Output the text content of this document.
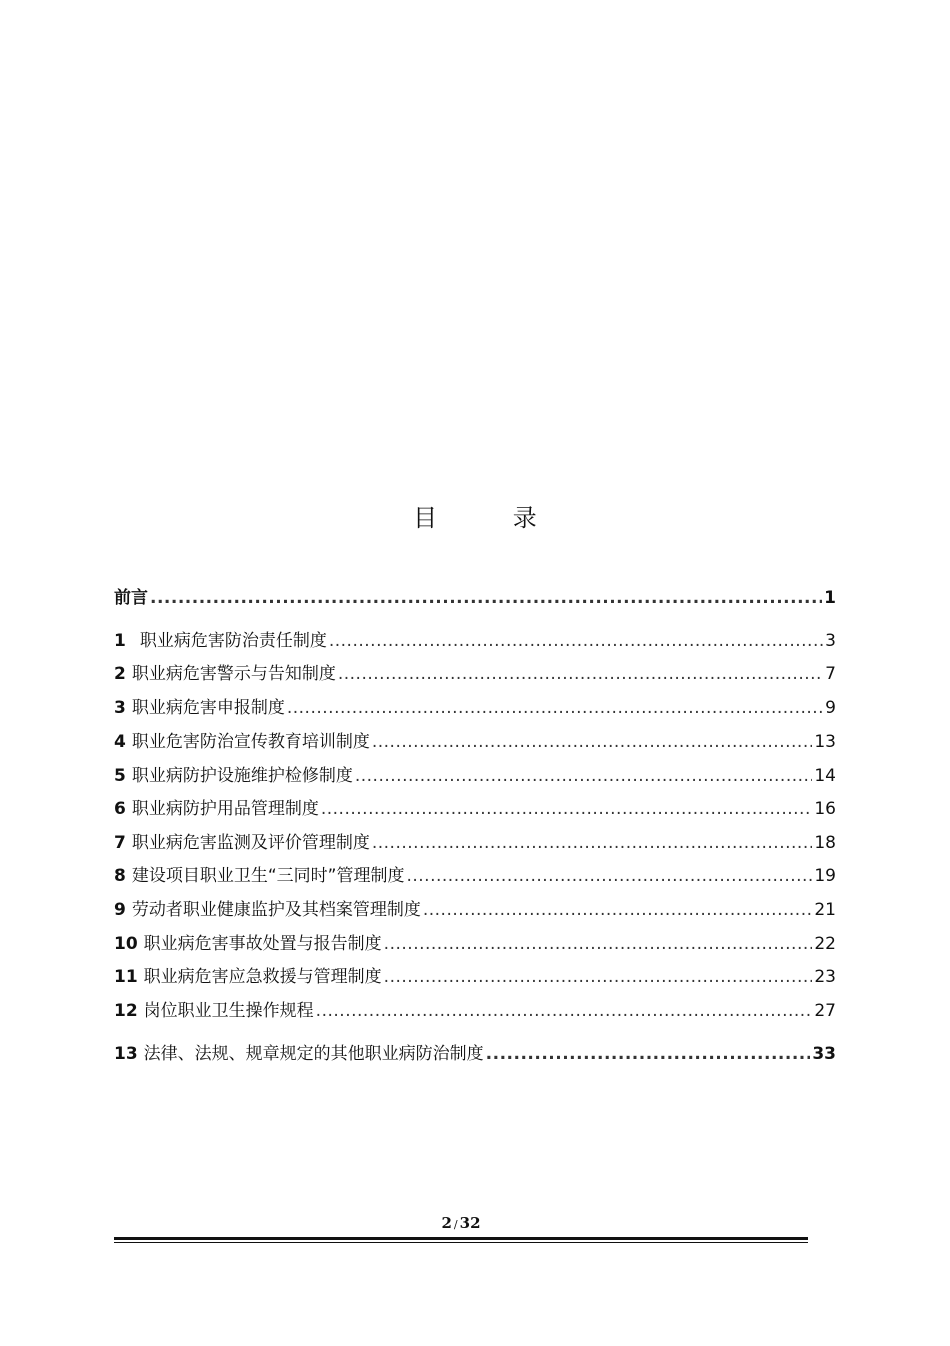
目 录
前言 .....	1
1 职业病危害防治责任制度 .....	3
2 职业病危害警示与告知制度 .....	7
3 职业病危害申报制度 .....	9
4 职业危害防治宣传教育培训制度 .....	13
5 职业病防护设施维护检修制度 .....	14
6 职业病防护用品管理制度 .....	16
7 职业病危害监测及评价管理制度 .....	18
8 建设项目职业卫生“三同时”管理制度 .....	19
9 劳动者职业健康监护及其档案管理制度 .....	21
10 职业病危害事故处置与报告制度 .....	22
11 职业病危害应急救援与管理制度 .....	23
12 岗位职业卫生操作规程 .....	27
13 法律、法规、规章规定的其他职业病防治制度 .....	33
2 / 32
